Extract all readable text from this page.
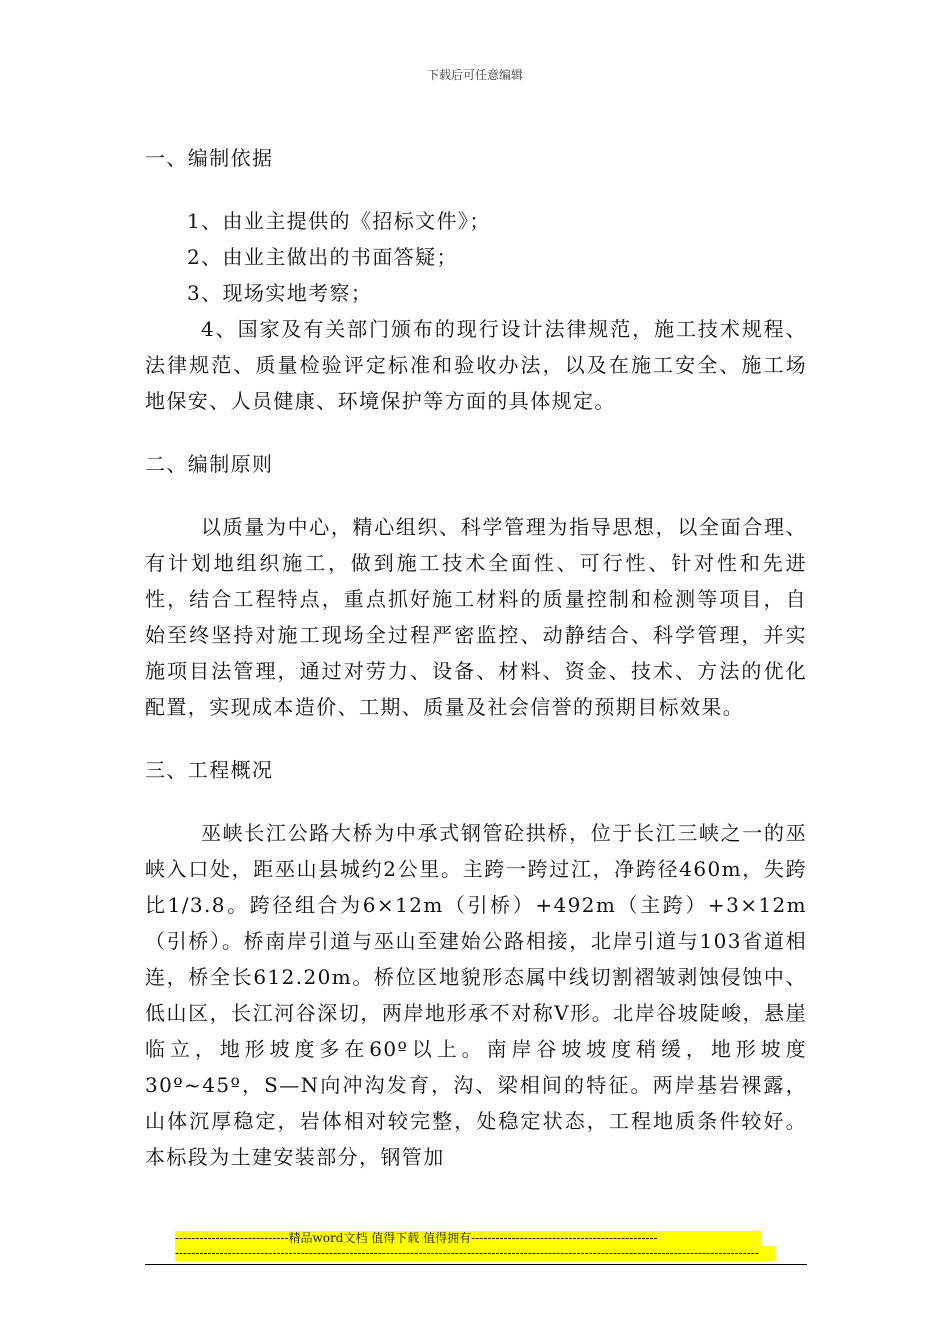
下载后可任意编辑
一、编制依据

1、由业主提供的《招标文件》；

2、由业主做出的书面答疑；

3、现场实地考察；

4、国家及有关部门颁布的现行设计法律规范，施工技术规程、法律规范、质量检验评定标准和验收办法，以及在施工安全、施工场地保安、人员健康、环境保护等方面的具体规定。

二、编制原则

以质量为中心，精心组织、科学管理为指导思想，以全面合理、有计划地组织施工，做到施工技术全面性、可行性、针对性和先进性，结合工程特点，重点抓好施工材料的质量控制和检测等项目，自始至终坚持对施工现场全过程严密监控、动静结合、科学管理，并实施项目法管理，通过对劳力、设备、材料、资金、技术、方法的优化配置，实现成本造价、工期、质量及社会信誉的预期目标效果。

三、工程概况

巫峡长江公路大桥为中承式钢管砼拱桥，位于长江三峡之一的巫峡入口处，距巫山县城约2公里。主跨一跨过江，净跨径460m，失跨比1/3.8。跨径组合为6×12m（引桥）+492m（主跨）+3×12m（引桥）。桥南岸引道与巫山至建始公路相接，北岸引道与103省道相连，桥全长612.20m。桥位区地貌形态属中线切割褶皱剥蚀侵蚀中、低山区，长江河谷深切，两岸地形承不对称V形。北岸谷坡陡峻，悬崖临立，地形坡度多在60º以上。南岸谷坡坡度稍缓，地形坡度30º~45º，S—N向冲沟发育，沟、梁相间的特征。两岸基岩裸露，山体沉厚稳定，岩体相对较完整，处稳定状态，工程地质条件较好。本标段为土建安装部分，钢管加

----------------------------精品word文档 值得下载 值得拥有----------------------------------------------
------------------------------------------------------------------------------------------------------------------------------------------------
